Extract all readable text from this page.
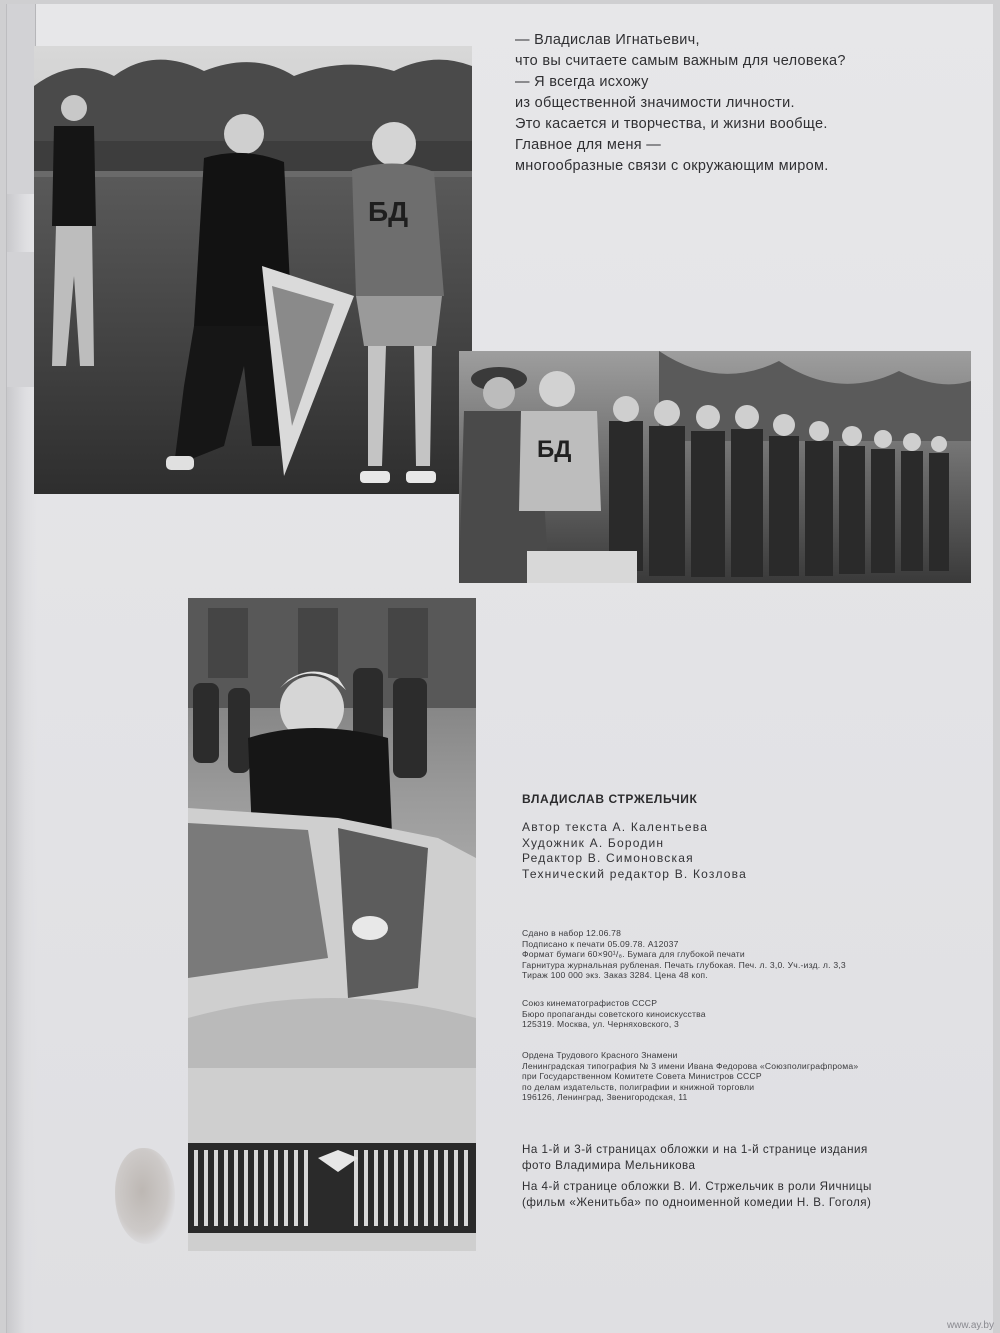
БД
БД
— Владислав Игнатьевич,
что вы считаете самым важным для человека?
— Я всегда исхожу
из общественной значимости личности.
Это касается и творчества, и жизни вообще.
Главное для меня —
многообразные связи с окружающим миром.
ВЛАДИСЛАВ СТРЖЕЛЬЧИК
Автор текста А. Калентьева
Художник А. Бородин
Редактор В. Симоновская
Технический редактор В. Козлова
Сдано в набор 12.06.78
Подписано к печати 05.09.78. А12037
Формат бумаги 60×90¹/₈. Бумага для глубокой печати
Гарнитура журнальная рубленая. Печать глубокая. Печ. л. 3,0. Уч.-изд. л. 3,3
Тираж 100 000 экз. Заказ 3284. Цена 48 коп.
Союз кинематографистов СССР
Бюро пропаганды советского киноискусства
125319. Москва, ул. Черняховского, 3
Ордена Трудового Красного Знамени
Ленинградская типография № 3 имени Ивана Федорова «Союзполиграфпрома»
при Государственном Комитете Совета Министров СССР
по делам издательств, полиграфии и книжной торговли
196126, Ленинград, Звенигородская, 11
На 1-й и 3-й страницах обложки и на 1-й странице издания
фото Владимира Мельникова
На 4-й странице обложки В. И. Стржельчик в роли Яичницы
(фильм «Женитьба» по одноименной комедии Н. В. Гоголя)
www.ay.by
